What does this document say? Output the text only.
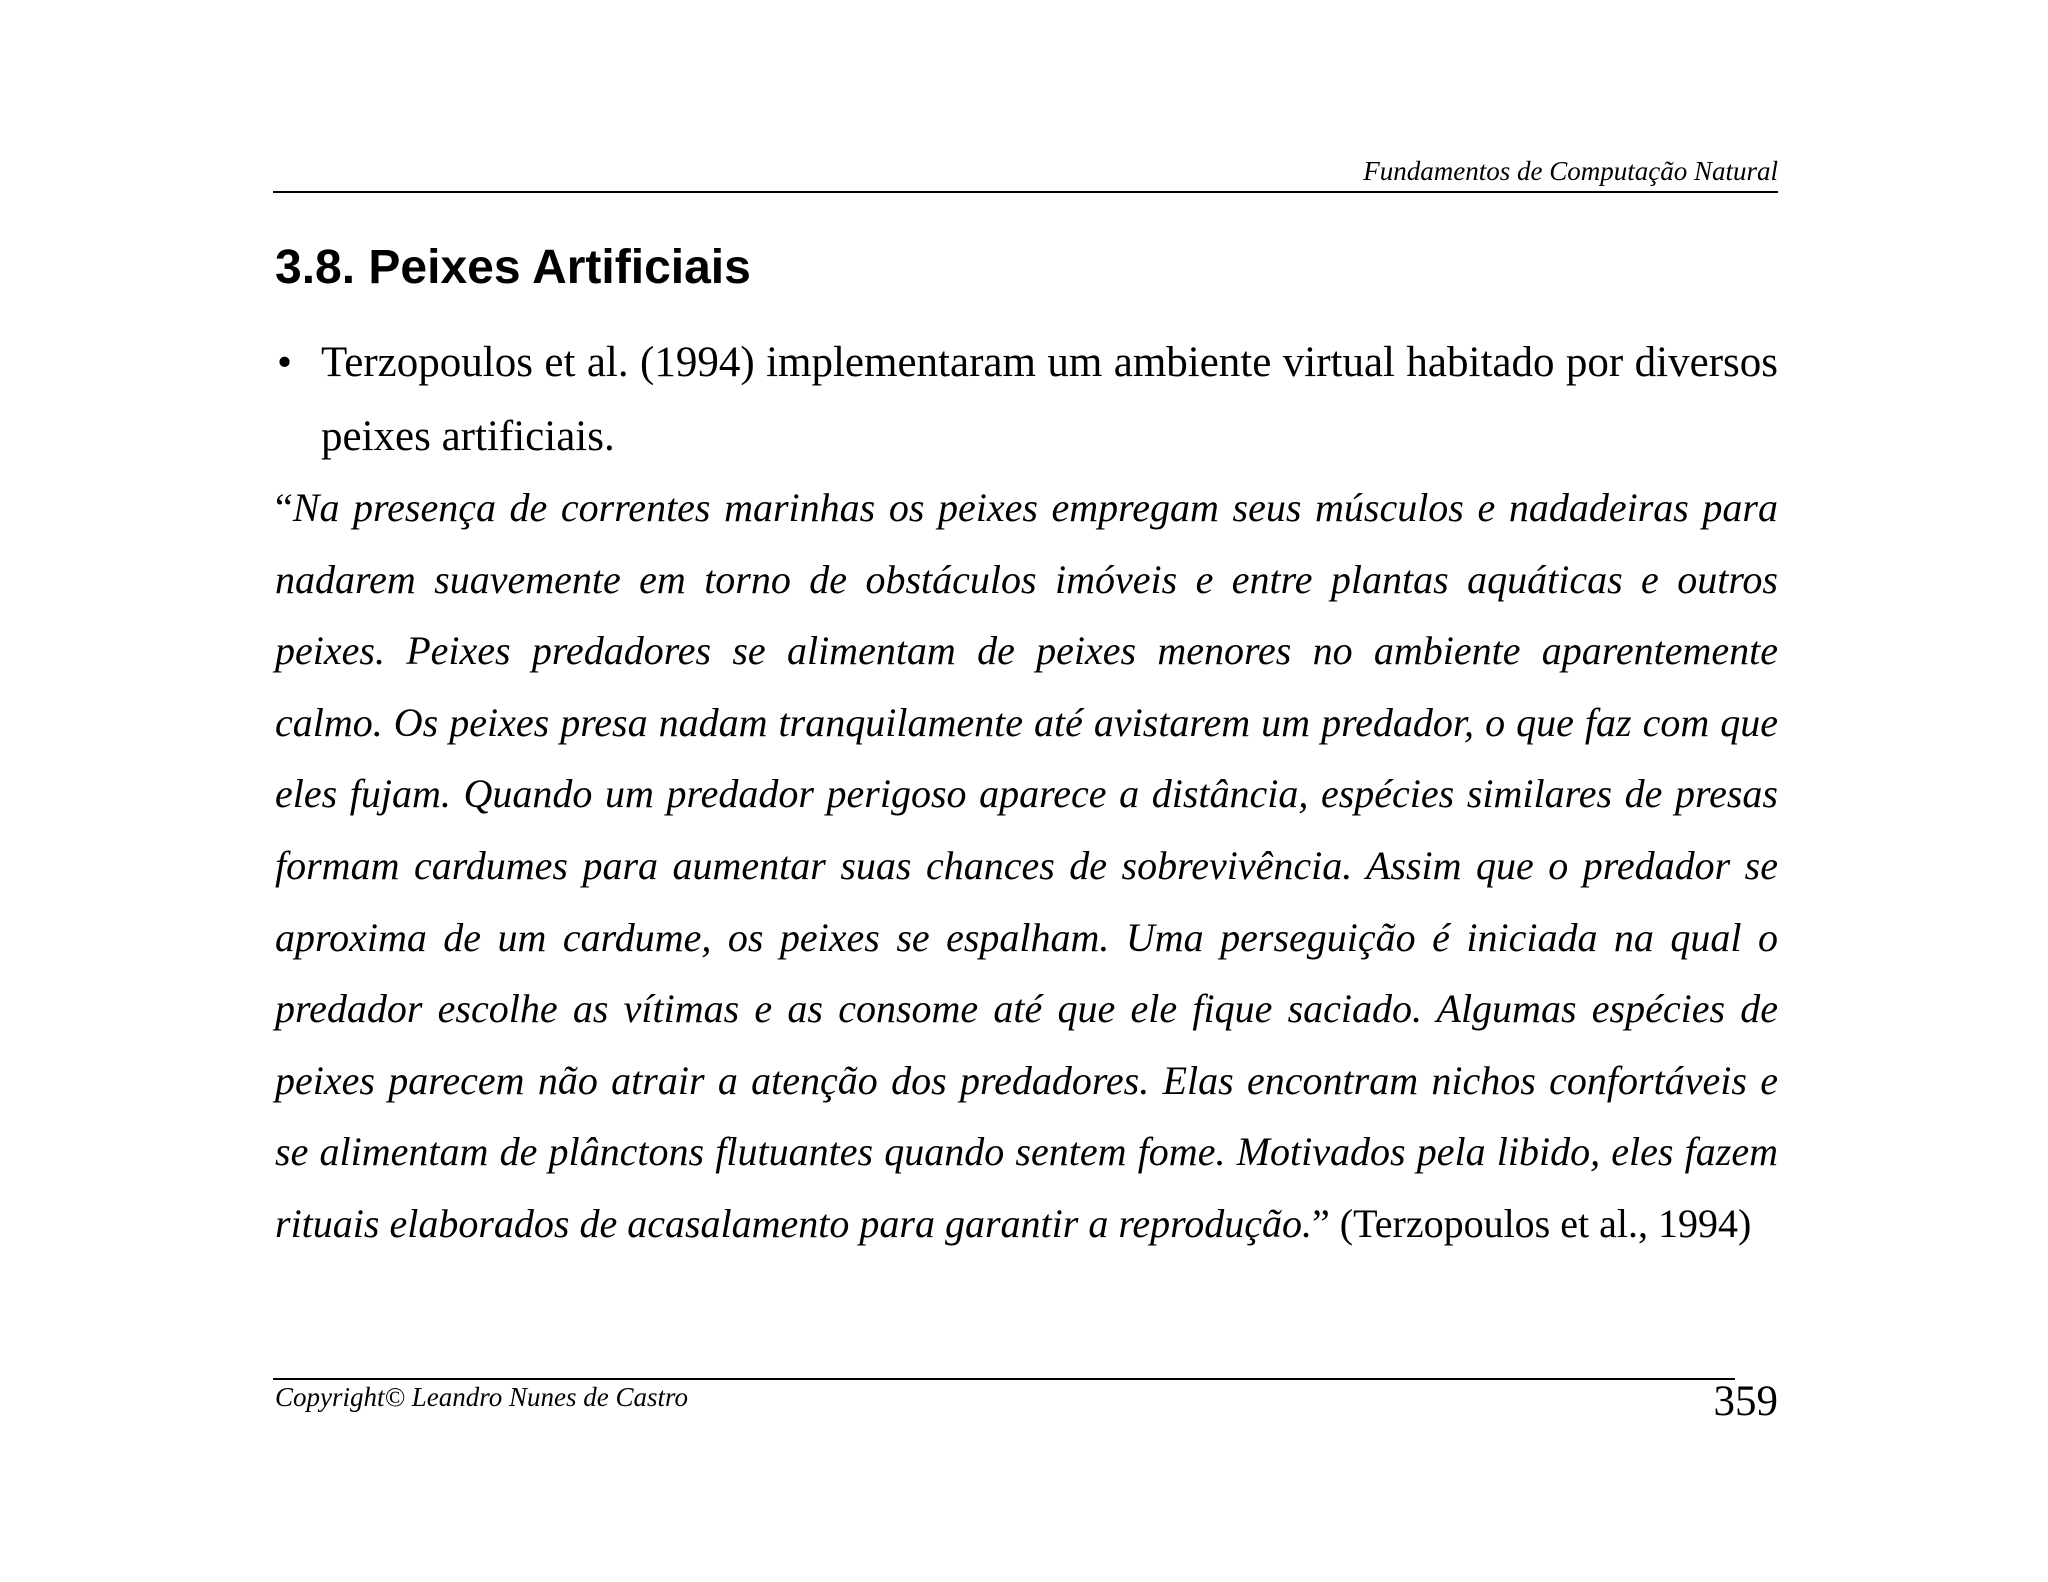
Fundamentos de Computação Natural
3.8. Peixes Artificiais
• Terzopoulos et al. (1994) implementaram um ambiente virtual habitado por diversos peixes artificiais.
“Na presença de correntes marinhas os peixes empregam seus músculos e nadadeiras para nadarem suavemente em torno de obstáculos imóveis e entre plantas aquáticas e outros peixes. Peixes predadores se alimentam de peixes menores no ambiente aparentemente calmo. Os peixes presa nadam tranquilamente até avistarem um predador, o que faz com que eles fujam. Quando um predador perigoso aparece a distância, espécies similares de presas formam cardumes para aumentar suas chances de sobrevivência. Assim que o predador se aproxima de um cardume, os peixes se espalham. Uma perseguição é iniciada na qual o predador escolhe as vítimas e as consome até que ele fique saciado. Algumas espécies de peixes parecem não atrair a atenção dos predadores. Elas encontram nichos confortáveis e se alimentam de plânctons flutuantes quando sentem fome. Motivados pela libido, eles fazem rituais elaborados de acasalamento para garantir a reprodução.” (Terzopoulos et al., 1994)
Copyright© Leandro Nunes de Castro	359
